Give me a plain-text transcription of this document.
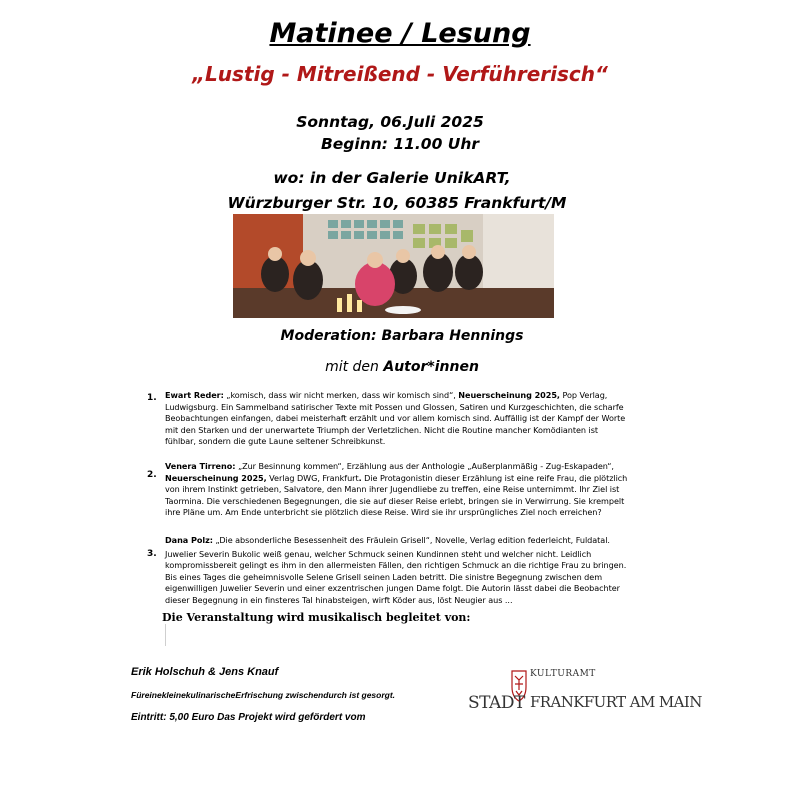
Matinee / Lesung
„Lustig - Mitreißend - Verführerisch“
Sonntag, 06.Juli 2025
Beginn: 11.00 Uhr
wo: in der Galerie UnikART,
Würzburger Str. 10, 60385 Frankfurt/M
Moderation: Barbara Hennings
mit den Autor*innen
1. Ewart Reder: „komisch, dass wir nicht merken, dass wir komisch sind“, Neuerscheinung 2025, Pop Verlag,
Ludwigsburg. Ein Sammelband satirischer Texte mit Possen und Glossen, Satiren und Kurzgeschichten, die scharfe
Beobachtungen einfangen, dabei meisterhaft erzählt und vor allem komisch sind. Auffällig ist der Kampf der Worte
mit den Starken und der unerwartete Triumph der Verletzlichen. Nicht die Routine mancher Komödianten ist
fühlbar, sondern die gute Laune seltener Schreibkunst.
2.
Venera Tirreno: „Zur Besinnung kommen“, Erzählung aus der Anthologie „Außerplanmäßig - Zug-Eskapaden“,
Neuerscheinung 2025, Verlag DWG, Frankfurt. Die Protagonistin dieser Erzählung ist eine reife Frau, die plötzlich
von ihrem Instinkt getrieben, Salvatore, den Mann ihrer Jugendliebe zu treffen, eine Reise unternimmt. Ihr Ziel ist
Taormina. Die verschiedenen Begegnungen, die sie auf dieser Reise erlebt, bringen sie in Verwirrung. Sie krempelt
ihre Pläne um. Am Ende unterbricht sie plötzlich diese Reise. Wird sie ihr ursprüngliches Ziel noch erreichen?
3.
Dana Polz: „Die absonderliche Besessenheit des Fräulein Grisell“, Novelle, Verlag edition federleicht, Fuldatal.
Juwelier Severin Bukolic weiß genau, welcher Schmuck seinen Kundinnen steht und welcher nicht. Leidlich
kompromissbereit gelingt es ihm in den allermeisten Fällen, den richtigen Schmuck an die richtige Frau zu bringen.
Bis eines Tages die geheimnisvolle Selene Grisell seinen Laden betritt. Die sinistre Begegnung zwischen dem
eigenwilligen Juwelier Severin und einer exzentrischen jungen Dame folgt. Die Autorin lässt dabei die Beobachter
dieser Begegnung in ein finsteres Tal hinabsteigen, wirft Köder aus, löst Neugier aus ...
Die Veranstaltung wird musikalisch begleitet von:
Erik Holschuh & Jens Knauf
FüreinekleinekulinarischeErfrischung zwischendurch ist gesorgt.
Eintritt: 5,00 Euro Das Projekt wird gefördert vom
KULTURAMT
STADT FRANKFURT AM MAIN
